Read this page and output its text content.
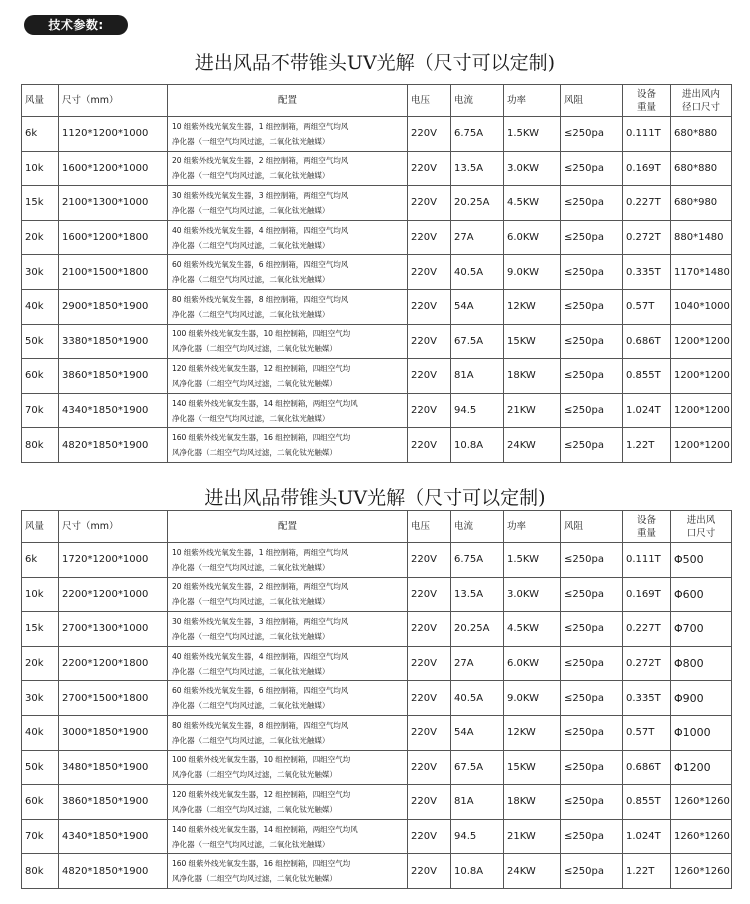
技术参数:
进出风品不带锥头UV光解（尺寸可以定制)
风量	尺寸（mm）	配置	电压	电流	功率	风阻	设备
重量	进出风内
径口尺寸
6k	1120*1200*1000	10 组紫外线光氧发生器，1 组控制箱，两组空气均风
净化器（一组空气均风过滤，二氧化钛光触媒）	220V	6.75A	1.5KW	≤250pa	0.111T	680*880
10k	1600*1200*1000	20 组紫外线光氧发生器，2 组控制箱，两组空气均风
净化器（一组空气均风过滤，二氧化钛光触媒）	220V	13.5A	3.0KW	≤250pa	0.169T	680*880
15k	2100*1300*1000	30 组紫外线光氧发生器，3 组控制箱，两组空气均风
净化器（一组空气均风过滤，二氧化钛光触媒）	220V	20.25A	4.5KW	≤250pa	0.227T	680*980
20k	1600*1200*1800	40 组紫外线光氧发生器，4 组控制箱，四组空气均风
净化器（二组空气均风过滤，二氧化钛光触媒）	220V	27A	6.0KW	≤250pa	0.272T	880*1480
30k	2100*1500*1800	60 组紫外线光氧发生器，6 组控制箱，四组空气均风
净化器（二组空气均风过滤，二氧化钛光触媒）	220V	40.5A	9.0KW	≤250pa	0.335T	1170*1480
40k	2900*1850*1900	80 组紫外线光氧发生器，8 组控制箱，四组空气均风
净化器（二组空气均风过滤，二氧化钛光触媒）	220V	54A	12KW	≤250pa	0.57T	1040*1000
50k	3380*1850*1900	100 组紫外线光氧发生器，10 组控制箱，四组空气均
风净化器（二组空气均风过滤，二氧化钛光触媒）	220V	67.5A	15KW	≤250pa	0.686T	1200*1200
60k	3860*1850*1900	120 组紫外线光氧发生器，12 组控制箱，四组空气均
风净化器（二组空气均风过滤，二氧化钛光触媒）	220V	81A	18KW	≤250pa	0.855T	1200*1200
70k	4340*1850*1900	140 组紫外线光氧发生器，14 组控制箱，两组空气均风
净化器（一组空气均风过滤，二氧化钛光触媒）	220V	94.5	21KW	≤250pa	1.024T	1200*1200
80k	4820*1850*1900	160 组紫外线光氧发生器，16 组控制箱，四组空气均
风净化器（二组空气均风过滤，二氧化钛光触媒）	220V	10.8A	24KW	≤250pa	1.22T	1200*1200
进出风品带锥头UV光解（尺寸可以定制)
风量	尺寸（mm）	配置	电压	电流	功率	风阻	设备
重量	进出风
口尺寸
6k	1720*1200*1000	10 组紫外线光氧发生器，1 组控制箱，两组空气均风
净化器（一组空气均风过滤，二氧化钛光触媒）	220V	6.75A	1.5KW	≤250pa	0.111T	Φ500
10k	2200*1200*1000	20 组紫外线光氧发生器，2 组控制箱，两组空气均风
净化器（一组空气均风过滤，二氧化钛光触媒）	220V	13.5A	3.0KW	≤250pa	0.169T	Φ600
15k	2700*1300*1000	30 组紫外线光氧发生器，3 组控制箱，两组空气均风
净化器（一组空气均风过滤，二氧化钛光触媒）	220V	20.25A	4.5KW	≤250pa	0.227T	Φ700
20k	2200*1200*1800	40 组紫外线光氧发生器，4 组控制箱，四组空气均风
净化器（二组空气均风过滤，二氧化钛光触媒）	220V	27A	6.0KW	≤250pa	0.272T	Φ800
30k	2700*1500*1800	60 组紫外线光氧发生器，6 组控制箱，四组空气均风
净化器（二组空气均风过滤，二氧化钛光触媒）	220V	40.5A	9.0KW	≤250pa	0.335T	Φ900
40k	3000*1850*1900	80 组紫外线光氧发生器，8 组控制箱，四组空气均风
净化器（二组空气均风过滤，二氧化钛光触媒）	220V	54A	12KW	≤250pa	0.57T	Φ1000
50k	3480*1850*1900	100 组紫外线光氧发生器，10 组控制箱，四组空气均
风净化器（二组空气均风过滤，二氧化钛光触媒）	220V	67.5A	15KW	≤250pa	0.686T	Φ1200
60k	3860*1850*1900	120 组紫外线光氧发生器，12 组控制箱，四组空气均
风净化器（二组空气均风过滤，二氧化钛光触媒）	220V	81A	18KW	≤250pa	0.855T	1260*1260
70k	4340*1850*1900	140 组紫外线光氧发生器，14 组控制箱，两组空气均风
净化器（一组空气均风过滤，二氧化钛光触媒）	220V	94.5	21KW	≤250pa	1.024T	1260*1260
80k	4820*1850*1900	160 组紫外线光氧发生器，16 组控制箱，四组空气均
风净化器（二组空气均风过滤，二氧化钛光触媒）	220V	10.8A	24KW	≤250pa	1.22T	1260*1260
